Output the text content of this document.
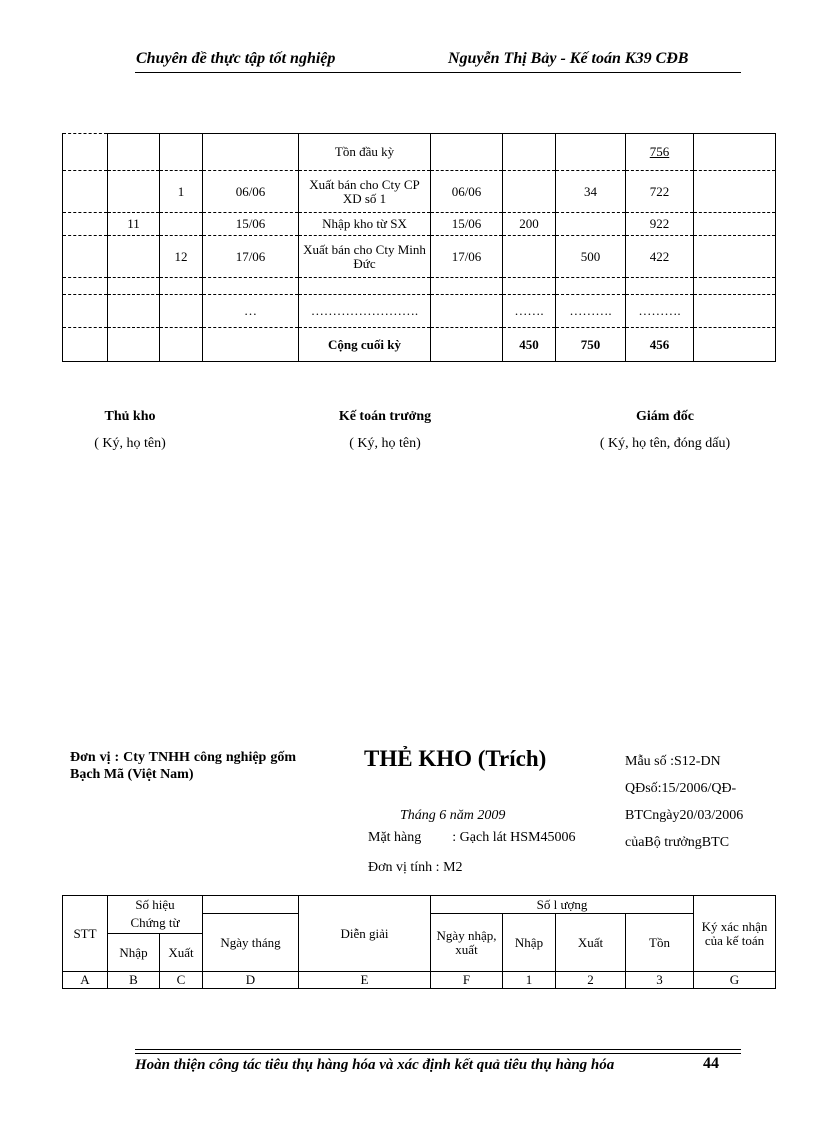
Chuyên đề thực tập tốt nghiệp	Nguyễn Thị Bảy - Kế toán K39 CĐB
				Tồn đầu kỳ				756	
		1	06/06	Xuất bán cho Cty CP XD số 1	06/06		34	722	
	11		15/06	Nhập kho từ SX	15/06	200		922	
		12	17/06	Xuất bán cho Cty Minh Đức	17/06		500	422	

			…	…………………….		…….	……….	……….	
				Cộng cuối kỳ		450	750	456	
Thủ kho
( Ký, họ tên)
Kế toán trưởng
( Ký, họ tên)
Giám đốc
( Ký, họ tên, đóng dấu)
Đơn vị : Cty TNHH công nghiệp gốm Bạch Mã (Việt Nam)
THẺ KHO (Trích)	Mẫu số :S12-DN
QĐsố:15/2006/QĐ-
BTCngày20/03/2006
củaBộ trưởngBTC
Tháng 6 năm 2009
Mặt hàng : Gạch lát HSM45006
Đơn vị tính : M2
STT	Số hiệu			Diễn giải	Số l ượng				Ký xác nhận của kế toán
	Chứng từ		Ngày tháng		Ngày nhập, xuất	Nhập	Xuất	Tồn	
	Nhập	Xuất							
A	B	C	D	E	F	1	2	3	G
Hoàn thiện công tác tiêu thụ hàng hóa và xác định kết quả tiêu thụ hàng hóa	44
